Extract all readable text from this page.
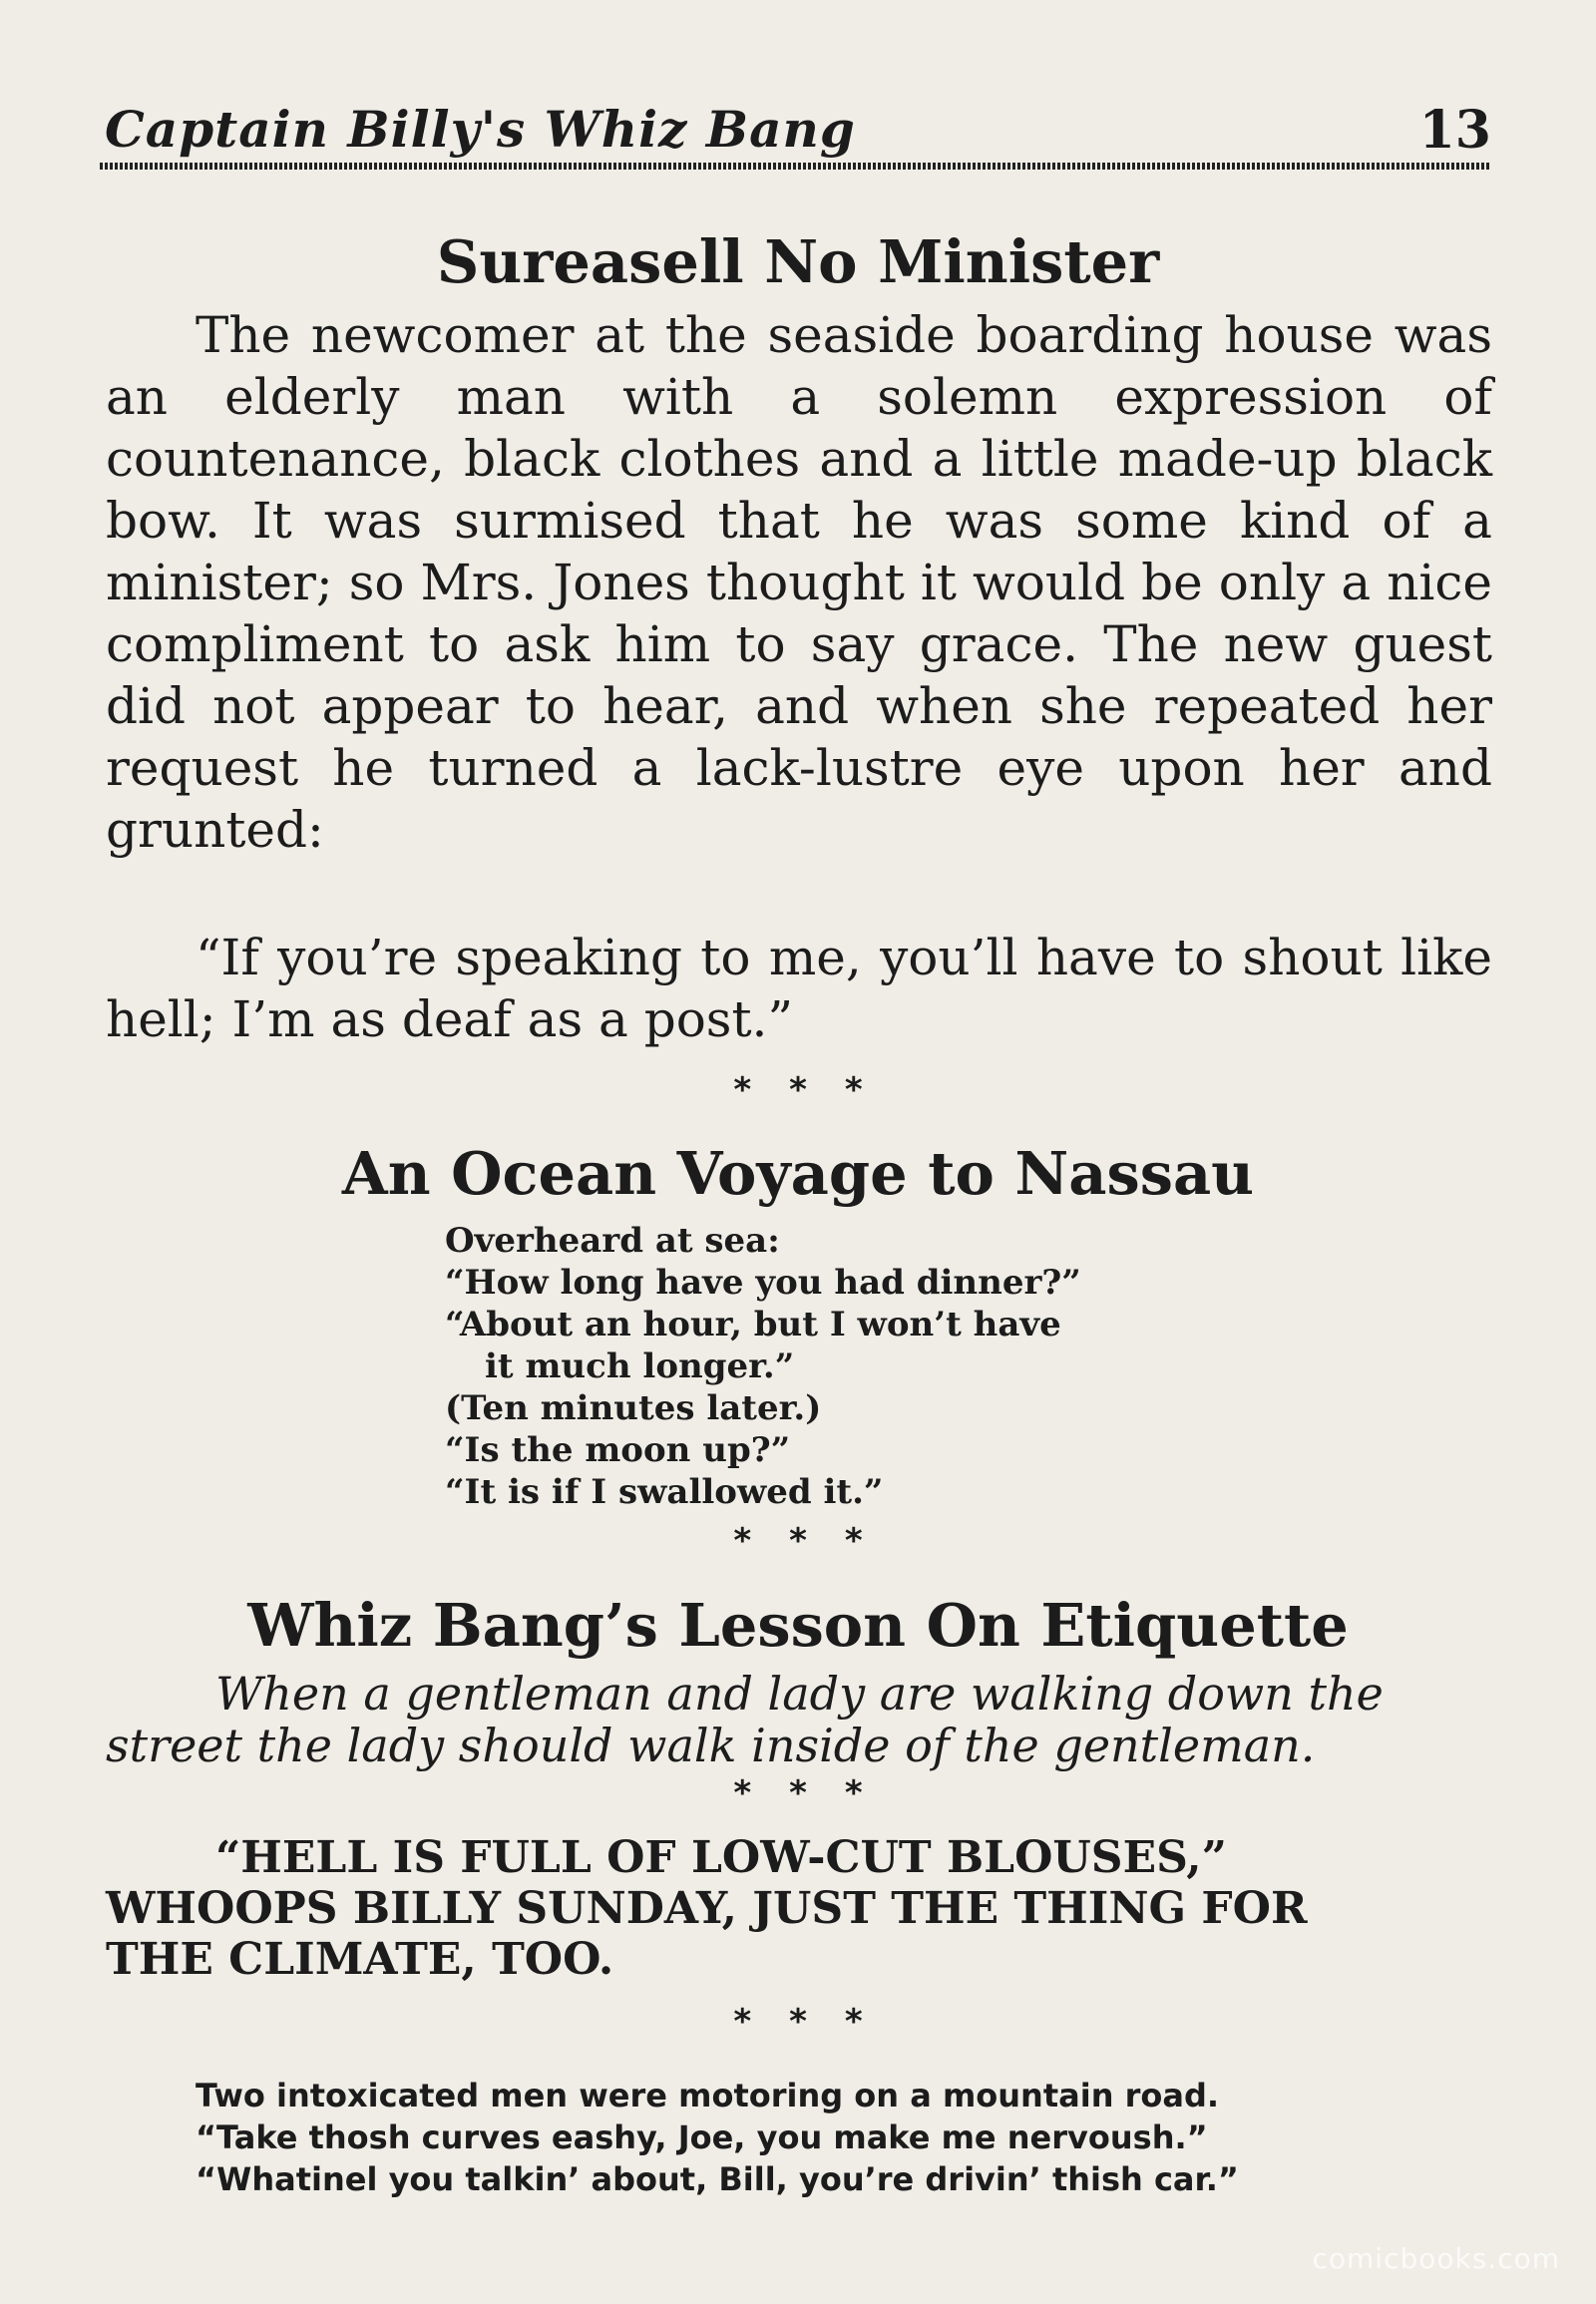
Captain Billy's Whiz Bang	13
Sureasell No Minister

The newcomer at the seaside boarding house was an elderly man with a solemn expression of countenance, black clothes and a little made-up black bow. It was surmised that he was some kind of a minister; so Mrs. Jones thought it would be only a nice compliment to ask him to say grace. The new guest did not appear to hear, and when she repeated her request he turned a lack-lustre eye upon her and grunted:

“If you’re speaking to me, you’ll have to shout like hell; I’m as deaf as a post.”

***
An Ocean Voyage to Nassau
Overheard at sea:
“How long have you had dinner?”
“About an hour, but I won’t have
it much longer.”
(Ten minutes later.)
“Is the moon up?”
“It is if I swallowed it.”
***
Whiz Bang’s Lesson On Etiquette

When a gentleman and lady are walking down the
street the lady should walk inside of the gentleman.

***

“HELL IS FULL OF LOW-CUT BLOUSES,”
WHOOPS BILLY SUNDAY, JUST THE THING FOR
THE CLIMATE, TOO.

***
Two intoxicated men were motoring on a mountain road.
“Take thosh curves eashy, Joe, you make me nervoush.”
“Whatinel you talkin’ about, Bill, you’re drivin’ thish car.”
comicbooks.com
